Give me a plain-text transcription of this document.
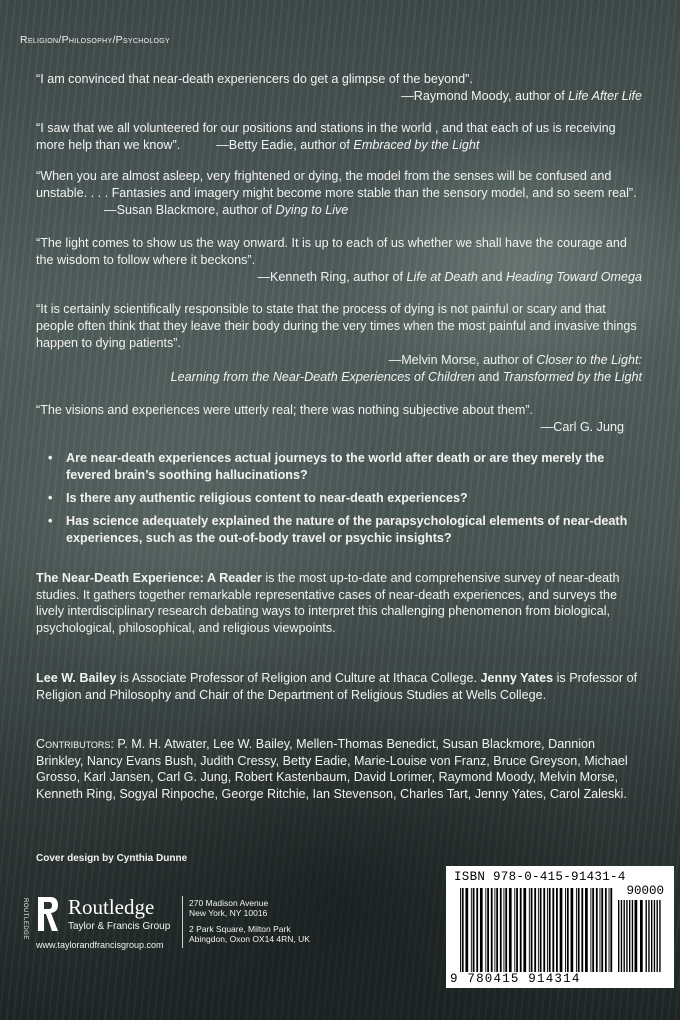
Religion/Philosophy/Psychology
“I am convinced that near-death experiencers do get a glimpse of the beyond”.
—Raymond Moody, author of Life After Life
“I saw that we all volunteered for our positions and stations in the world , and that each of us is receiving more help than we know”.	—Betty Eadie, author of Embraced by the Light
“When you are almost asleep, very frightened or dying, the model from the senses will be confused and unstable. . . . Fantasies and imagery might become more stable than the sensory model, and so seem real”.—Susan Blackmore, author of Dying to Live
“The light comes to show us the way onward. It is up to each of us whether we shall have the courage and the wisdom to follow where it beckons”.
—Kenneth Ring, author of Life at Death and Heading Toward Omega
“It is certainly scientifically responsible to state that the process of dying is not painful or scary and that people often think that they leave their body during the very times when the most painful and invasive things happen to dying patients”.
—Melvin Morse, author of Closer to the Light:
Learning from the Near-Death Experiences of Children and Transformed by the Light
“The visions and experiences were utterly real; there was nothing subjective about them”.
—Carl G. Jung
• Are near-death experiences actual journeys to the world after death or are they merely the fevered brain’s soothing hallucinations?
• Is there any authentic religious content to near-death experiences?
• Has science adequately explained the nature of the parapsychological elements of near-death experiences, such as the out-of-body travel or psychic insights?
The Near-Death Experience: A Reader is the most up-to-date and comprehensive survey of near-death studies. It gathers together remarkable representative cases of near-death experiences, and surveys the lively interdisciplinary research debating ways to interpret this challenging phenomenon from biological, psychological, philosophical, and religious viewpoints.
Lee W. Bailey is Associate Professor of Religion and Culture at Ithaca College. Jenny Yates is Professor of Religion and Philosophy and Chair of the Department of Religious Studies at Wells College.
Contributors: P. M. H. Atwater, Lee W. Bailey, Mellen-Thomas Benedict, Susan Blackmore, Dannion Brinkley, Nancy Evans Bush, Judith Cressy, Betty Eadie, Marie-Louise von Franz, Bruce Greyson, Michael Grosso, Karl Jansen, Carl G. Jung, Robert Kastenbaum, David Lorimer, Raymond Moody, Melvin Morse, Kenneth Ring, Sogyal Rinpoche, George Ritchie, Ian Stevenson, Charles Tart, Jenny Yates, Carol Zaleski.
Cover design by Cynthia Dunne
Routledge
Taylor & Francis Group
www.taylorandfrancisgroup.com
ROUTLEDGE	270 Madison Avenue
New York, NY 10016
2 Park Square, Milton Park
Abingdon, Oxon OX14 4RN, UK
ISBN 978-0-415-91431-4
90000
9 780415 914314
